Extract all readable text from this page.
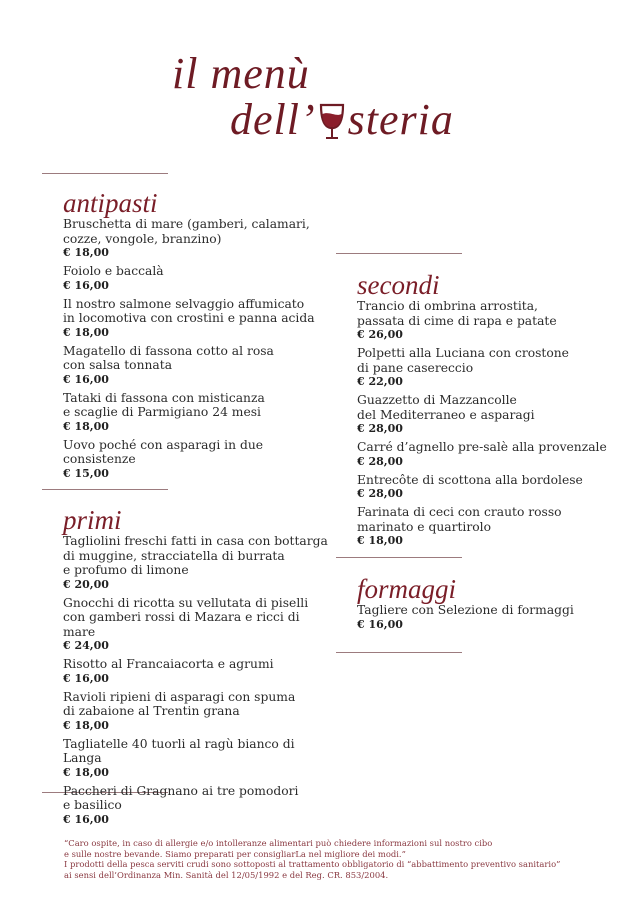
il menù
dell’ steria
antipasti
Bruschetta di mare (gamberi, calamari,
cozze, vongole, branzino)
€ 18,00
Foiolo e baccalà
€ 16,00
Il nostro salmone selvaggio affumicato
in locomotiva con crostini e panna acida
€ 18,00
Magatello di fassona cotto al rosa
con salsa tonnata
€ 16,00
Tataki di fassona con misticanza
e scaglie di Parmigiano 24 mesi
€ 18,00
Uovo poché con asparagi in due
consistenze
€ 15,00
primi
Tagliolini freschi fatti in casa con bottarga
di muggine, stracciatella di burrata
e profumo di limone
€ 20,00
Gnocchi di ricotta su vellutata di piselli
con gamberi rossi di Mazara e ricci di mare
€ 24,00
Risotto al Francaiacorta e agrumi
€ 16,00
Ravioli ripieni di asparagi con spuma
di zabaione al Trentin grana
€ 18,00
Tagliatelle 40 tuorli al ragù bianco di Langa
€ 18,00
Paccheri di Gragnano ai tre pomodori
e basilico
€ 16,00
secondi
Trancio di ombrina arrostita,
passata di cime di rapa e patate
€ 26,00
Polpetti alla Luciana con crostone
di pane casereccio
€ 22,00
Guazzetto di Mazzancolle
del Mediterraneo e asparagi
€ 28,00
Carré d’agnello pre-salè alla provenzale
€ 28,00
Entrecôte di scottona alla bordolese
€ 28,00
Farinata di ceci con crauto rosso
marinato e quartirolo
€ 18,00
formaggi
Tagliere con Selezione di formaggi
€ 16,00
“Caro ospite, in caso di allergie e/o intolleranze alimentari può chiedere informazioni sul nostro cibo
e sulle nostre bevande. Siamo preparati per consigliarLa nel migliore dei modi.”
I prodotti della pesca serviti crudi sono sottoposti al trattamento obbligatorio di “abbattimento preventivo sanitario”
ai sensi dell’Ordinanza Min. Sanità del 12/05/1992 e del Reg. CR. 853/2004.
